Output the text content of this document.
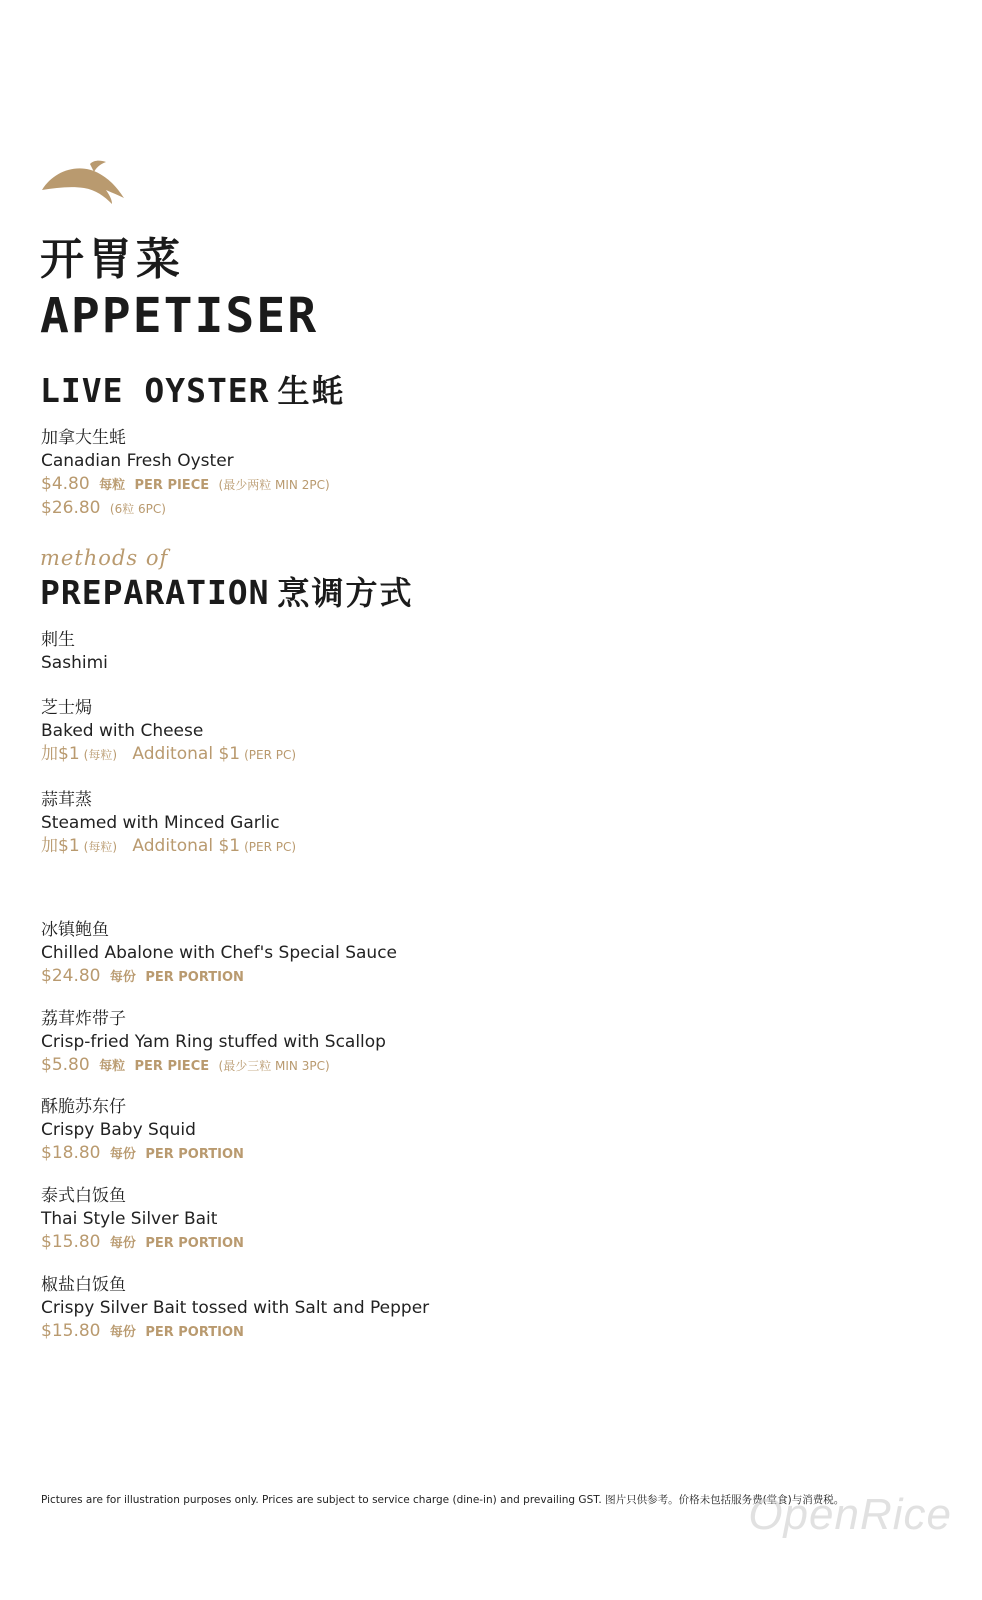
开胃菜
APPETISER
LIVE OYSTER 生蚝
加拿大生蚝
Canadian Fresh Oyster
$4.80 每粒 PER PIECE (最少两粒 MIN 2PC)
$26.80 (6粒 6PC)
methods of
PREPARATION 烹调方式
刺生
Sashimi
芝士焗
Baked with Cheese
加$1 (每粒) Additonal $1 (PER PC)
蒜茸蒸
Steamed with Minced Garlic
加$1 (每粒) Additonal $1 (PER PC)
冰镇鲍鱼
Chilled Abalone with Chef's Special Sauce
$24.80 每份 PER PORTION
荔茸炸带子
Crisp-fried Yam Ring stuffed with Scallop
$5.80 每粒 PER PIECE (最少三粒 MIN 3PC)
酥脆苏东仔
Crispy Baby Squid
$18.80 每份 PER PORTION
泰式白饭鱼
Thai Style Silver Bait
$15.80 每份 PER PORTION
椒盐白饭鱼
Crispy Silver Bait tossed with Salt and Pepper
$15.80 每份 PER PORTION
Pictures are for illustration purposes only. Prices are subject to service charge (dine-in) and prevailing GST. 图片只供参考。价格未包括服务费(堂食)与消费税。
OpenRice
